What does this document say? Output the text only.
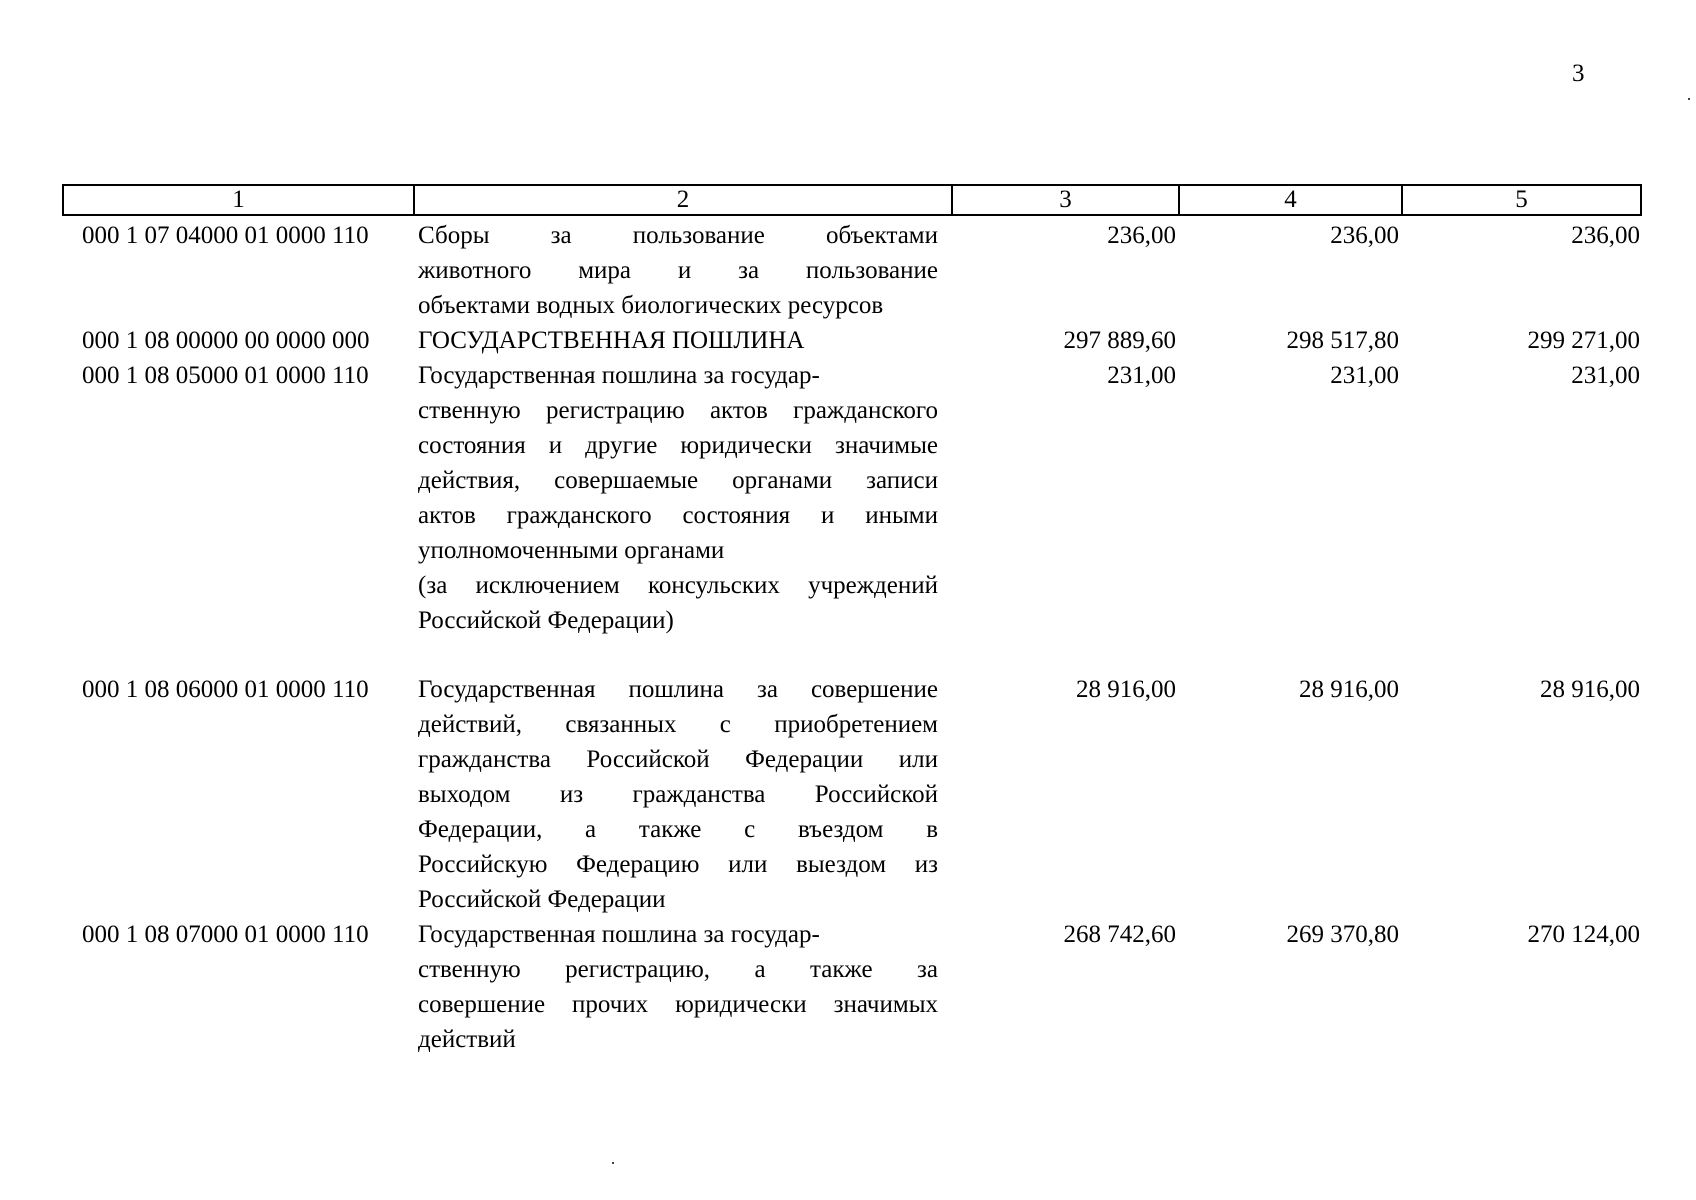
3
1	2	3	4	5
000 1 07 04000 01 0000 110 Сборы за пользование объектами
животного мира и за пользование
объектами водных биологических ресурсов
236,00	236,00	236,00
000 1 08 00000 00 0000 000 ГОСУДАРСТВЕННАЯ ПОШЛИНА	297 889,60	298 517,80	299 271,00
000 1 08 05000 01 0000 110 Государственная пошлина за государ-
ственную регистрацию актов гражданского
состояния и другие юридически значимые
действия, совершаемые органами записи
актов гражданского состояния и иными
уполномоченными органами
(за исключением консульских учреждений
Российской Федерации)
231,00	231,00	231,00
000 1 08 06000 01 0000 110 Государственная пошлина за совершение
действий, связанных с приобретением
гражданства Российской Федерации или
выходом из гражданства Российской
Федерации, а также с въездом в
Российскую Федерацию или выездом из
Российской Федерации
28 916,00	28 916,00	28 916,00
000 1 08 07000 01 0000 110 Государственная пошлина за государ-
ственную регистрацию, а также за
совершение прочих юридически значимых
действий
268 742,60	269 370,80	270 124,00
